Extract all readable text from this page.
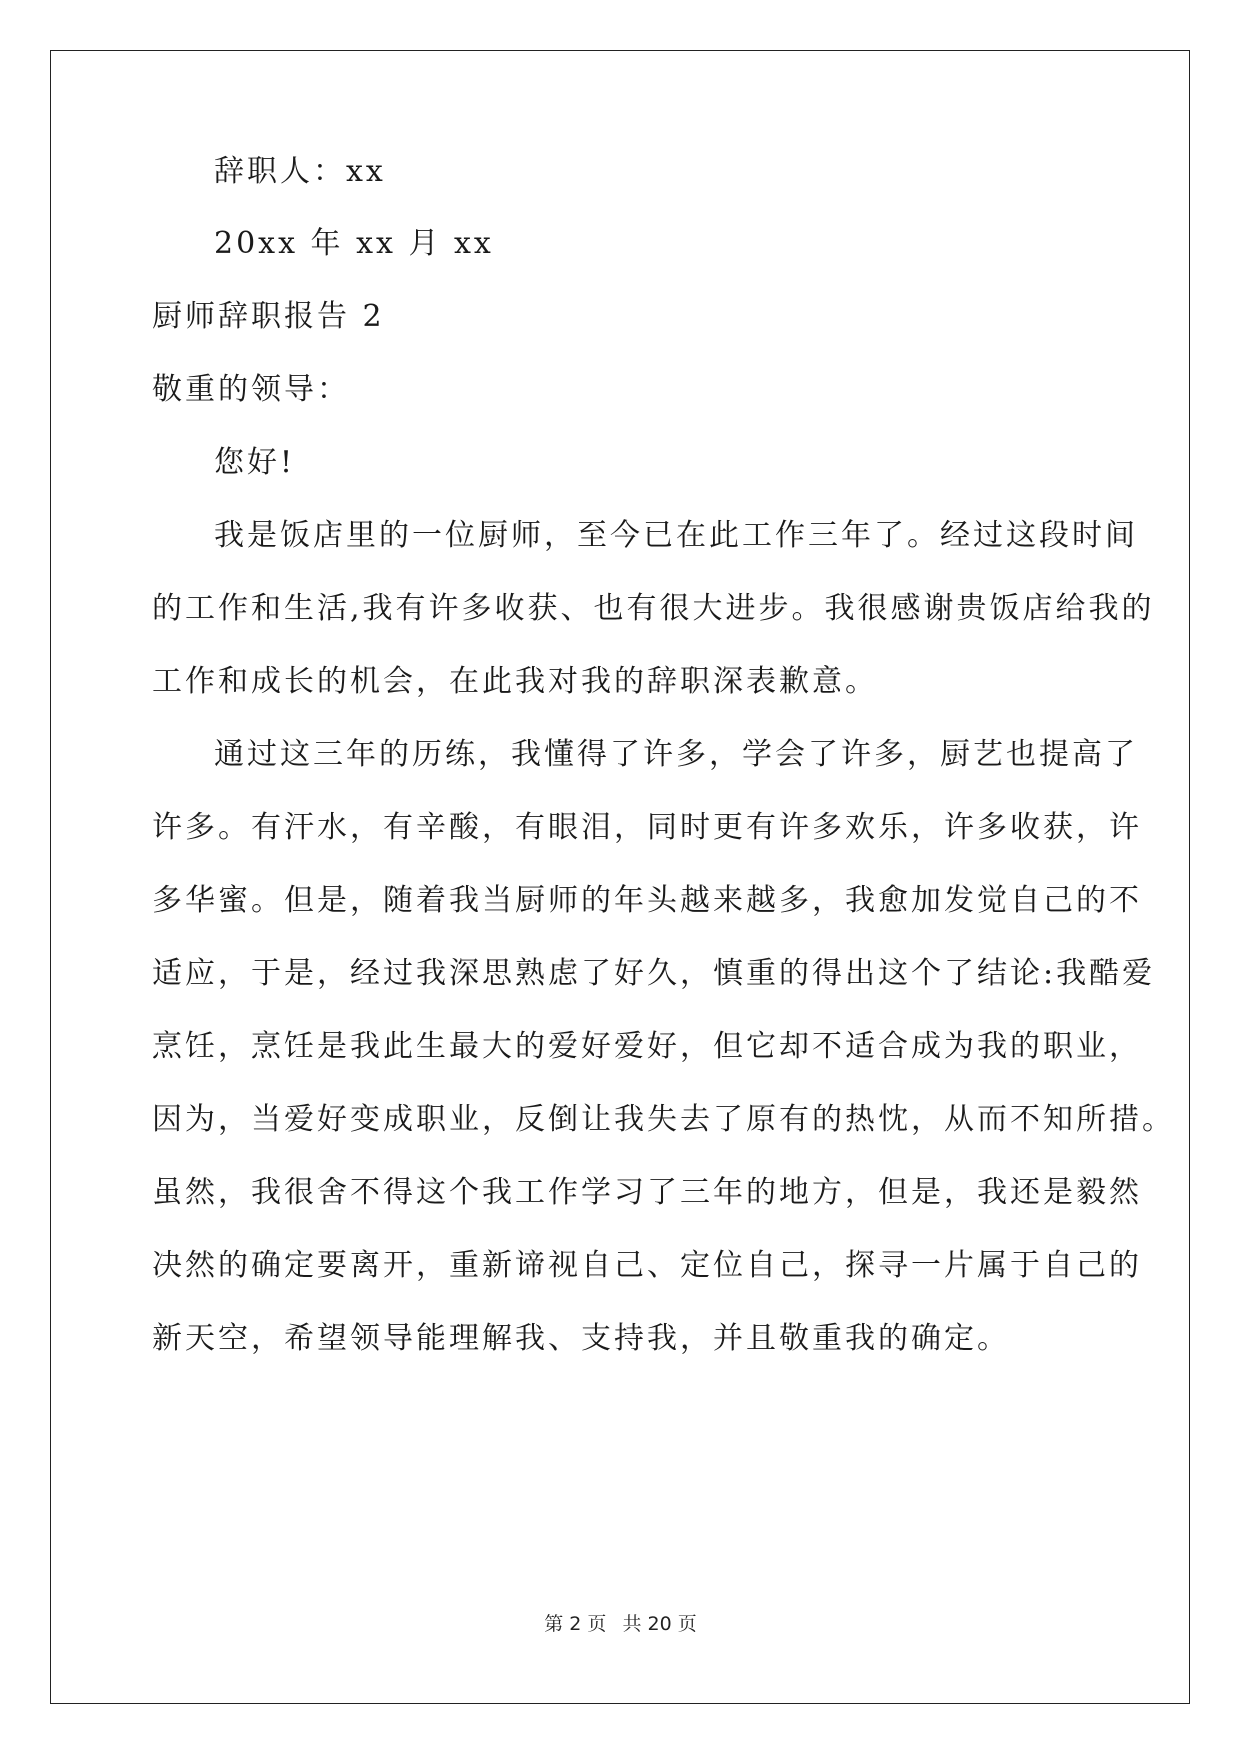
辞职人：xx
20xx 年 xx 月 xx
厨师辞职报告 2
敬重的领导：
您好!
我是饭店里的一位厨师，至今已在此工作三年了。经过这段时间
的工作和生活,我有许多收获、也有很大进步。我很感谢贵饭店给我的
工作和成长的机会，在此我对我的辞职深表歉意。
通过这三年的历练，我懂得了许多，学会了许多，厨艺也提高了
许多。有汗水，有辛酸，有眼泪，同时更有许多欢乐，许多收获，许
多华蜜。但是，随着我当厨师的年头越来越多，我愈加发觉自己的不
适应，于是，经过我深思熟虑了好久，慎重的得出这个了结论:我酷爱
烹饪，烹饪是我此生最大的爱好爱好，但它却不适合成为我的职业，
因为，当爱好变成职业，反倒让我失去了原有的热忱，从而不知所措。
虽然，我很舍不得这个我工作学习了三年的地方，但是，我还是毅然
决然的确定要离开，重新谛视自己、定位自己，探寻一片属于自己的
新天空，希望领导能理解我、支持我，并且敬重我的确定。
第 2 页 共 20 页
